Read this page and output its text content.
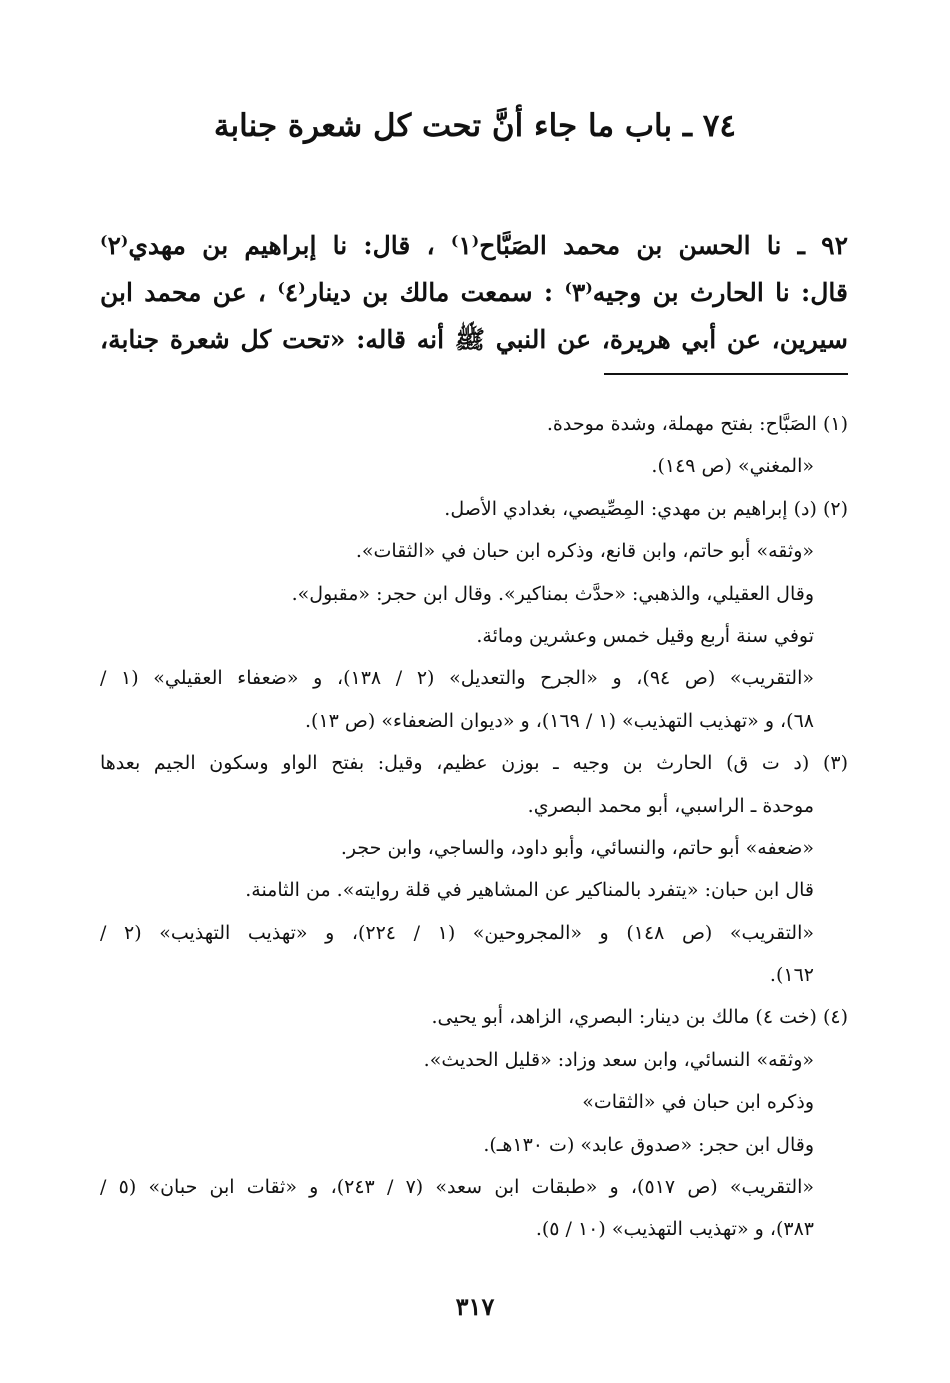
٧٤ ـ باب ما جاء أنَّ تحت كل شعرة جنابة
٩٢ ـ نا الحسن بن محمد الصَبَّاح⁽١⁾ ، قال: نا إبراهيم بن مهدي⁽٢⁾
قال: نا الحارث بن وجيه⁽٣⁾ : سمعت مالك بن دينار⁽٤⁾ ، عن محمد ابن
سيرين، عن أبي هريرة، عن النبي ﷺ أنه قاله: «تحت كل شعرة جنابة،
(١) الصَبَّاح: بفتح مهملة، وشدة موحدة.
«المغني» (ص ١٤٩).
(٢) (د) إبراهيم بن مهدي: المِصِّيصي، بغدادي الأصل.
«وثقه» أبو حاتم، وابن قانع، وذكره ابن حبان في «الثقات».
وقال العقيلي، والذهبي: «حدَّث بمناكير». وقال ابن حجر: «مقبول».
توفي سنة أربع وقيل خمس وعشرين ومائة.
«التقريب» (ص ٩٤)، و «الجرح والتعديل» (٢ / ١٣٨)، و «ضعفاء العقيلي» (١ /
٦٨)، و «تهذيب التهذيب» (١ / ١٦٩)، و «ديوان الضعفاء» (ص ١٣).
(٣) (د ت ق) الحارث بن وجيه ـ بوزن عظيم، وقيل: بفتح الواو وسكون الجيم بعدها
موحدة ـ الراسبي، أبو محمد البصري.
«ضعفه» أبو حاتم، والنسائي، وأبو داود، والساجي، وابن حجر.
قال ابن حبان: «يتفرد بالمناكير عن المشاهير في قلة روايته». من الثامنة.
«التقريب» (ص ١٤٨) و «المجروحين» (١ / ٢٢٤)، و «تهذيب التهذيب» (٢ /
١٦٢).
(٤) (خت ٤) مالك بن دينار: البصري، الزاهد، أبو يحيى.
«وثقه» النسائي، وابن سعد وزاد: «قليل الحديث».
وذكره ابن حبان في «الثقات»
وقال ابن حجر: «صدوق عابد» (ت ١٣٠هـ).
«التقريب» (ص ٥١٧)، و «طبقات ابن سعد» (٧ / ٢٤٣)، و «ثقات ابن حبان» (٥ /
٣٨٣)، و «تهذيب التهذيب» (١٠ / ٥).
٣١٧
